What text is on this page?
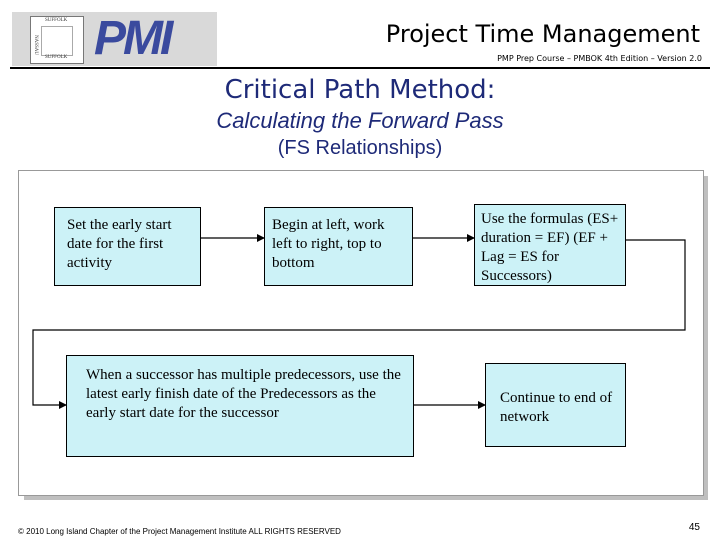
SUFFOLK
NASSAU
SUFFOLK PMI	Project Time Management
PMP Prep Course – PMBOK 4th Edition – Version 2.0
Critical Path Method:
Calculating the Forward Pass
(FS Relationships)
Set the early start date for the first activity
Begin at left, work left to right, top to bottom
Use the formulas (ES+ duration = EF) (EF + Lag = ES for Successors)
When a successor has multiple predecessors, use the latest early finish date of the Predecessors as the early start date for the successor
Continue to end of network
© 2010 Long Island Chapter of the Project Management Institute ALL RIGHTS RESERVED	45
